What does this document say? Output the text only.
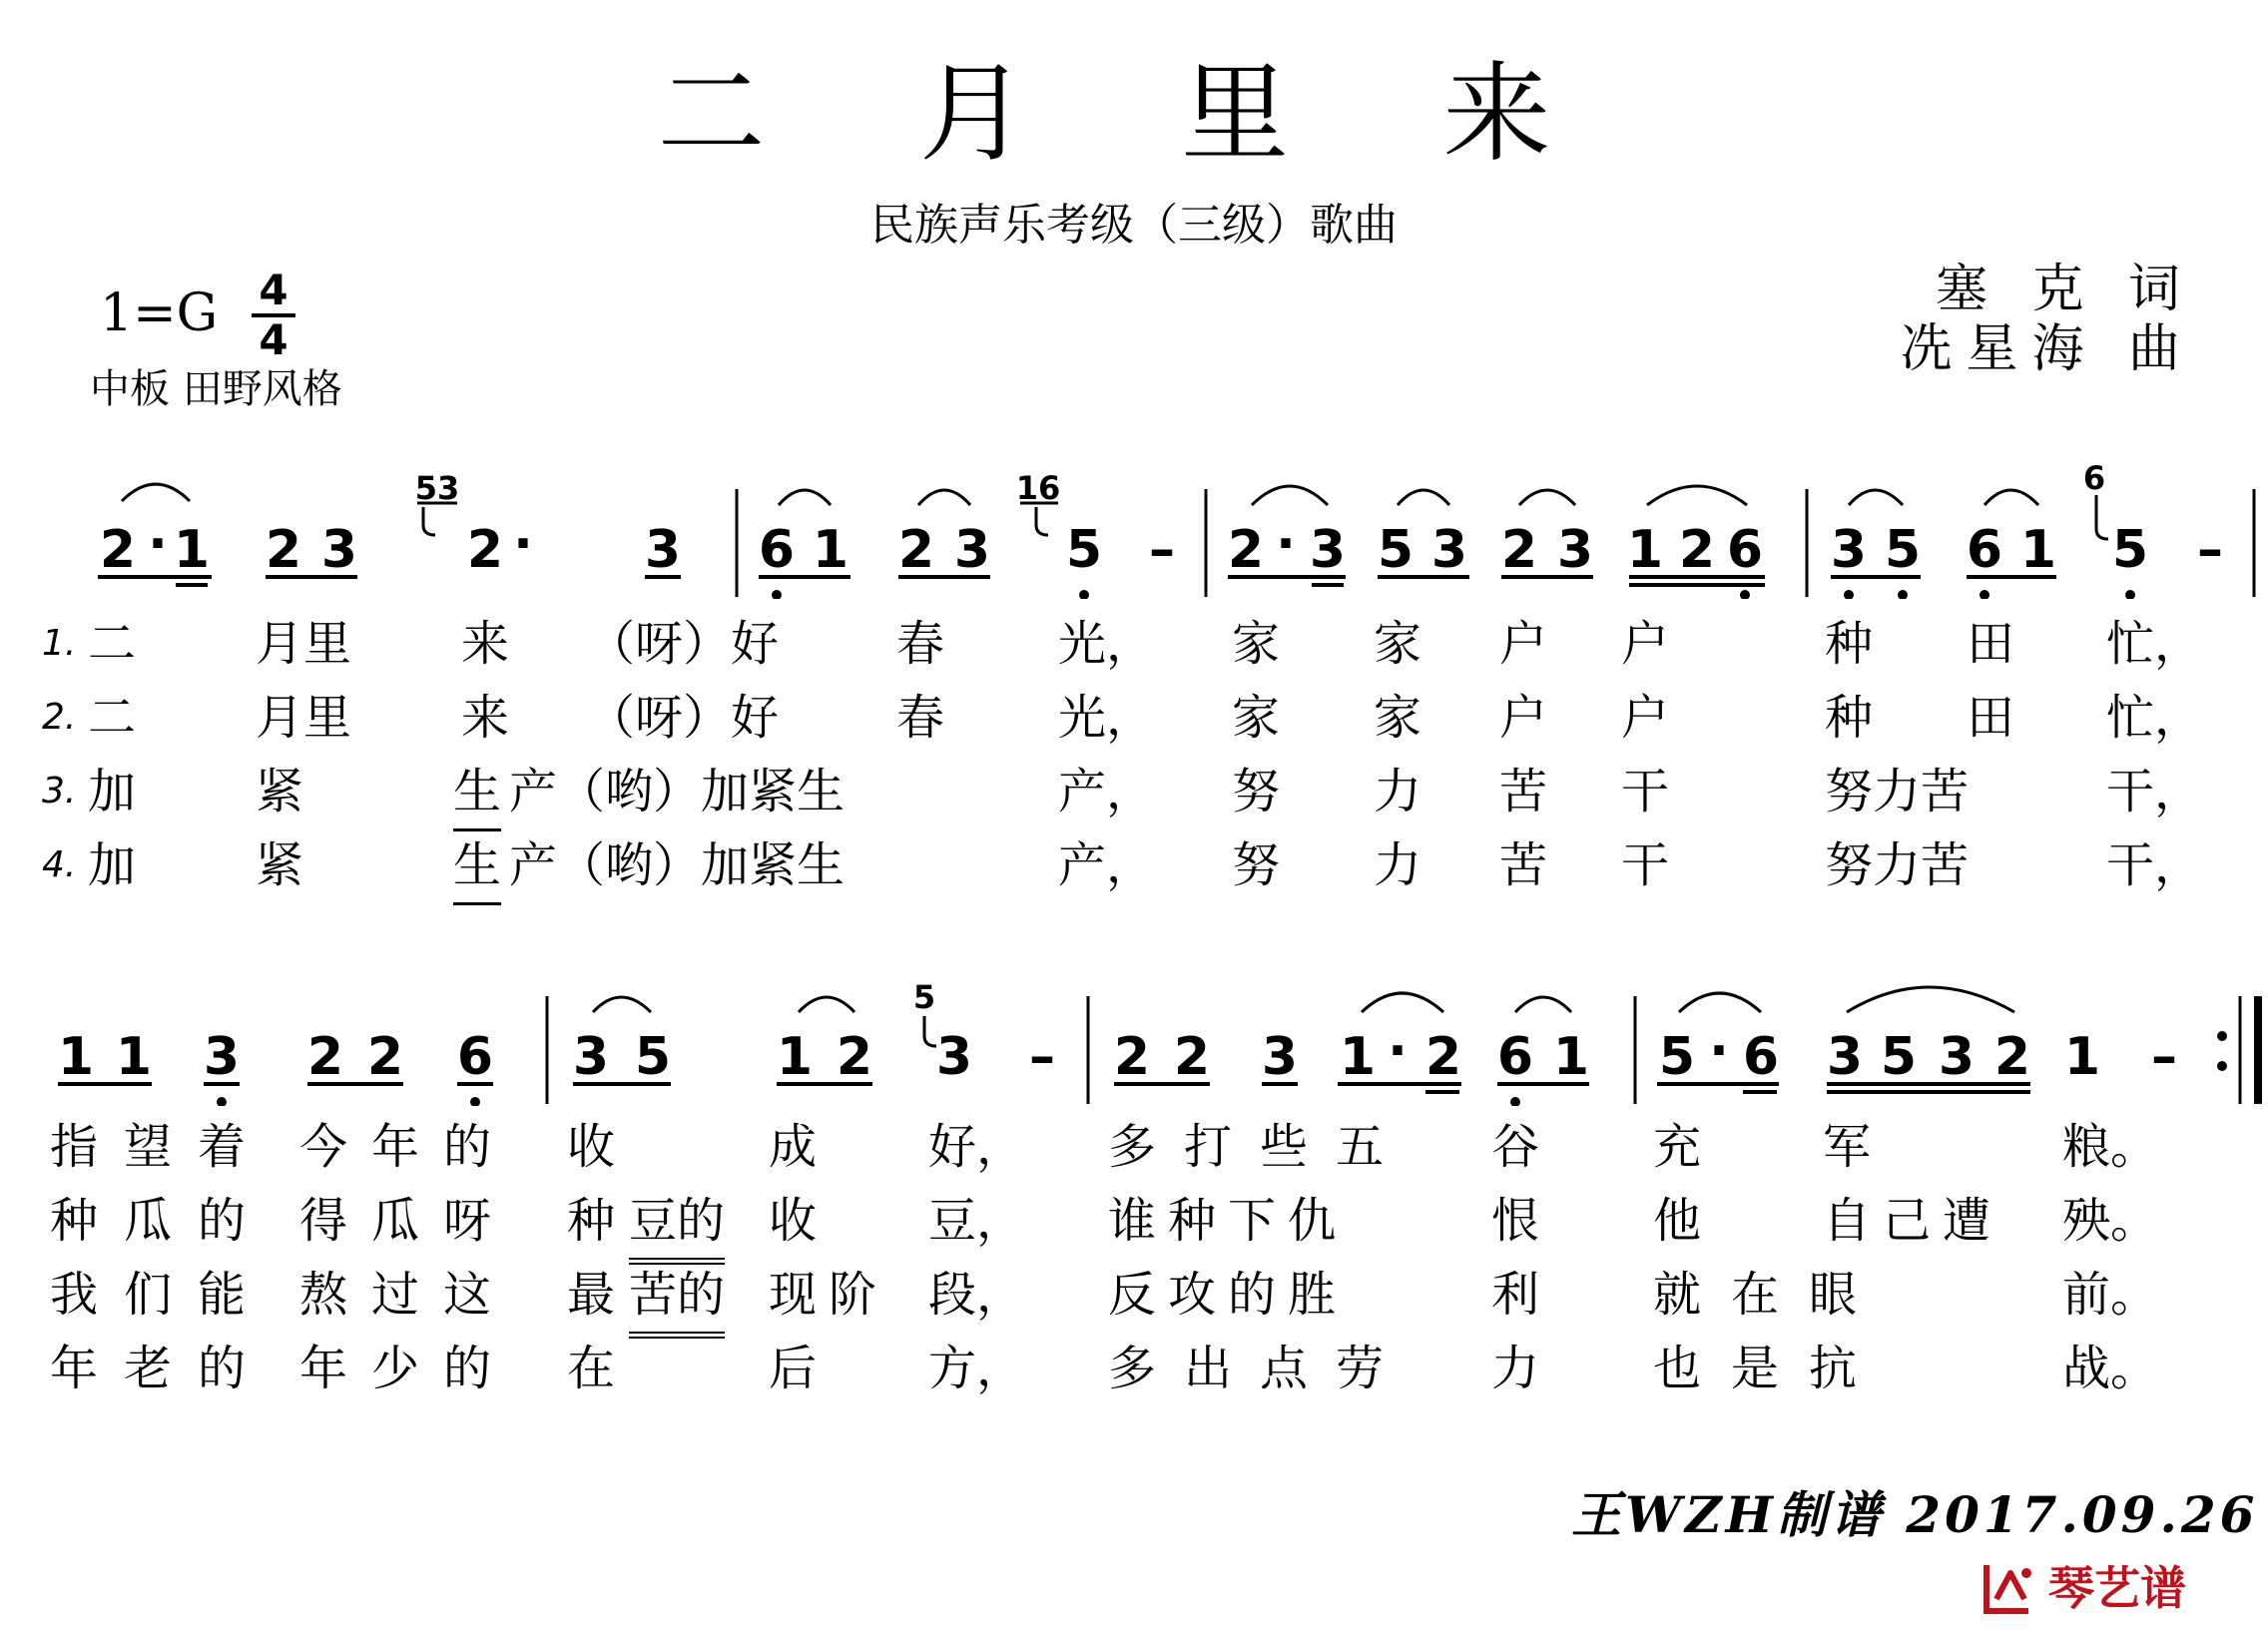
二 月 里 来
民族声乐考级（三级）歌曲
1=G 4
4
中板 田野风格
塞 克 词
冼星海 曲
2 · 1 2 3 2 · 3 6 1 2 3 5 – 2 · 3 5 3 2 3 1 2 6 3 5 6 1 5 –
53	16	6
1. 二 月里 来 （呀）好 春 光， 家 家 户 户	种 田 忙，
2. 二 月里 来 （呀）好 春 光， 家 家 户 户	种 田 忙，
3. 加 紧	生 产（哟）加紧生	产， 努 力 苦 干	努力苦	干，
4. 加 紧	生 产（哟）加紧生	产， 努 力 苦 干	努力苦	干，
1 1 3 2 2 6 3 5 1 2 3 – 2 2 3 1 · 2 6 1 5 · 6 3 5 3 2 1 –
5
指望着 今年的 收	成 好， 多打些五 谷 充	军	粮。
种瓜的 得瓜呀 种 豆的 收 豆， 谁种下仇	恨 他	自己遭 殃。
我们能 熬过这 最 苦的 现阶 段， 反攻的胜	利 就在眼	前。
年老的 年少的 在	后 方， 多出点劳 力 也是抗	战。
王WZH制谱 2017.09.26
琴艺谱
